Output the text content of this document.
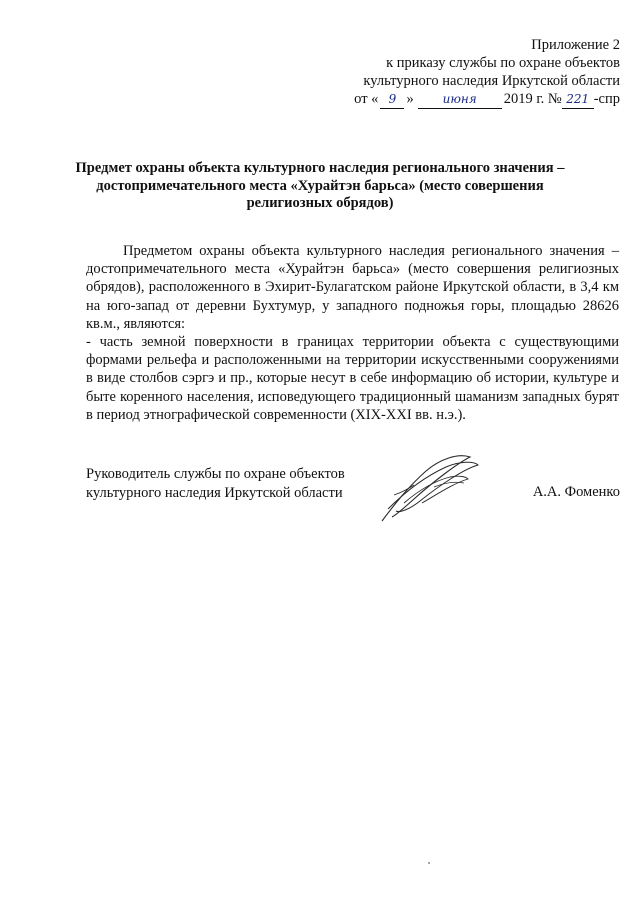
Приложение 2
к приказу службы по охране объектов
культурного наследия Иркутской области
от « 9 » июня 2019 г. № 221 -спр
Предмет охраны объекта культурного наследия регионального значения – достопримечательного места «Хурайтэн барьса» (место совершения религиозных обрядов)

Предметом охраны объекта культурного наследия регионального значения – достопримечательного места «Хурайтэн барьса» (место совершения религиозных обрядов), расположенного в Эхирит-Булагатском районе Иркутской области, в 3,4 км на юго-запад от деревни Бухтумур, у западного подножья горы, площадью 28626 кв.м., являются:

- часть земной поверхности в границах территории объекта с существующими формами рельефа и расположенными на территории искусственными сооружениями в виде столбов сэргэ и пр., которые несут в себе информацию об истории, культуре и быте коренного населения, исповедующего традиционный шаманизм западных бурят в период этнографической современности (XIX-XXI вв. н.э.).

Руководитель службы по охране объектов
культурного наследия Иркутской области	А.А. Фоменко
